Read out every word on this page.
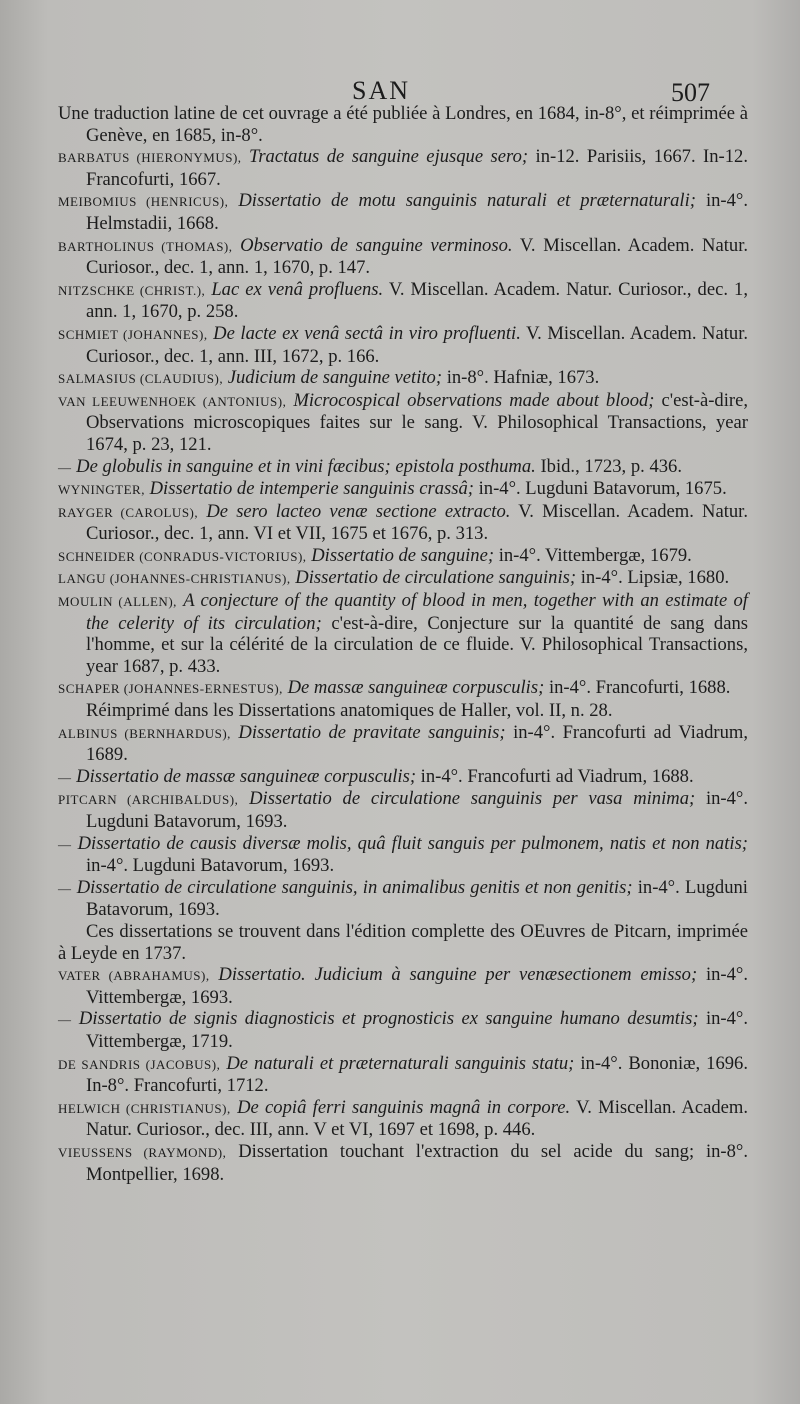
SAN	507
Une traduction latine de cet ouvrage a été publiée à Londres, en 1684, in-8°, et réimprimée à Genève, en 1685, in-8°.
BARBATUS (HIERONYMUS), Tractatus de sanguine ejusque sero; in-12. Parisiis, 1667. In-12. Francofurti, 1667.
MEIBOMIUS (HENRICUS), Dissertatio de motu sanguinis naturali et præternaturali; in-4°. Helmstadii, 1668.
BARTHOLINUS (THOMAS), Observatio de sanguine verminoso. V. Miscellan. Academ. Natur. Curiosor., dec. 1, ann. 1, 1670, p. 147.
NITZSCHKE (CHRIST.), Lac ex venâ profluens. V. Miscellan. Academ. Natur. Curiosor., dec. 1, ann. 1, 1670, p. 258.
SCHMIET (JOHANNES), De lacte ex venâ sectâ in viro profluenti. V. Miscellan. Academ. Natur. Curiosor., dec. 1, ann. III, 1672, p. 166.
SALMASIUS (CLAUDIUS), Judicium de sanguine vetito; in-8°. Hafniæ, 1673.
VAN LEEUWENHOEK (ANTONIUS), Microcospical observations made about blood; c'est-à-dire, Observations microscopiques faites sur le sang. V. Philosophical Transactions, year 1674, p. 23, 121.
— De globulis in sanguine et in vini fæcibus; epistola posthuma. Ibid., 1723, p. 436.
WYNINGTER, Dissertatio de intemperie sanguinis crassâ; in-4°. Lugduni Batavorum, 1675.
RAYGER (CAROLUS), De sero lacteo venæ sectione extracto. V. Miscellan. Academ. Natur. Curiosor., dec. 1, ann. VI et VII, 1675 et 1676, p. 313.
SCHNEIDER (CONRADUS-VICTORIUS), Dissertatio de sanguine; in-4°. Vittembergæ, 1679.
LANGU (JOHANNES-CHRISTIANUS), Dissertatio de circulatione sanguinis; in-4°. Lipsiæ, 1680.
MOULIN (ALLEN), A conjecture of the quantity of blood in men, together with an estimate of the celerity of its circulation; c'est-à-dire, Conjecture sur la quantité de sang dans l'homme, et sur la célérité de la circulation de ce fluide. V. Philosophical Transactions, year 1687, p. 433.
SCHAPER (JOHANNES-ERNESTUS), De massæ sanguineæ corpusculis; in-4°. Francofurti, 1688.
Réimprimé dans les Dissertations anatomiques de Haller, vol. II, n. 28.
ALBINUS (BERNHARDUS), Dissertatio de pravitate sanguinis; in-4°. Francofurti ad Viadrum, 1689.
— Dissertatio de massæ sanguineæ corpusculis; in-4°. Francofurti ad Viadrum, 1688.
PITCARN (ARCHIBALDUS), Dissertatio de circulatione sanguinis per vasa minima; in-4°. Lugduni Batavorum, 1693.
— Dissertatio de causis diversæ molis, quâ fluit sanguis per pulmonem, natis et non natis; in-4°. Lugduni Batavorum, 1693.
— Dissertatio de circulatione sanguinis, in animalibus genitis et non genitis; in-4°. Lugduni Batavorum, 1693.
Ces dissertations se trouvent dans l'édition complette des OEuvres de Pitcarn, imprimée à Leyde en 1737.
VATER (ABRAHAMUS), Dissertatio. Judicium à sanguine per venæsectionem emisso; in-4°. Vittembergæ, 1693.
— Dissertatio de signis diagnosticis et prognosticis ex sanguine humano desumtis; in-4°. Vittembergæ, 1719.
DE SANDRIS (JACOBUS), De naturali et præternaturali sanguinis statu; in-4°. Bononiæ, 1696. In-8°. Francofurti, 1712.
HELWICH (CHRISTIANUS), De copiâ ferri sanguinis magnâ in corpore. V. Miscellan. Academ. Natur. Curiosor., dec. III, ann. V et VI, 1697 et 1698, p. 446.
VIEUSSENS (RAYMOND), Dissertation touchant l'extraction du sel acide du sang; in-8°. Montpellier, 1698.
